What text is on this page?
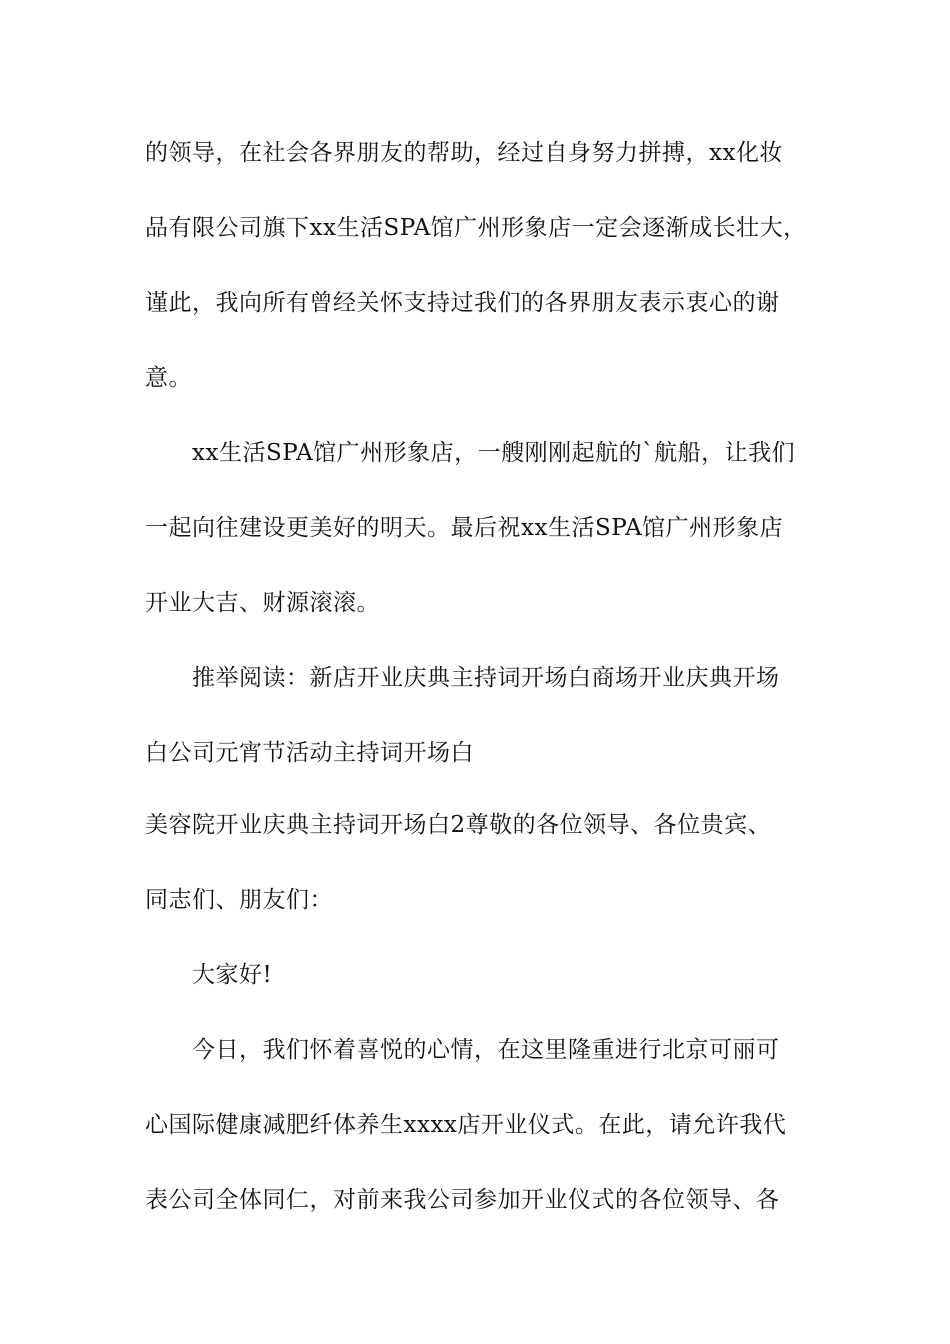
的领导，在社会各界朋友的帮助，经过自身努力拼搏，xx化妆
品有限公司旗下xx生活SPA馆广州形象店一定会逐渐成长壮大，
谨此，我向所有曾经关怀支持过我们的各界朋友表示衷心的谢
意。
xx生活SPA馆广州形象店，一艘刚刚起航的`航船，让我们
一起向往建设更美好的明天。最后祝xx生活SPA馆广州形象店
开业大吉、财源滚滚。
推举阅读：新店开业庆典主持词开场白商场开业庆典开场
白公司元宵节活动主持词开场白
美容院开业庆典主持词开场白2尊敬的各位领导、各位贵宾、
同志们、朋友们：
大家好!
今日，我们怀着喜悦的心情，在这里隆重进行北京可丽可
心国际健康减肥纤体养生xxxx店开业仪式。在此，请允许我代
表公司全体同仁，对前来我公司参加开业仪式的各位领导、各
